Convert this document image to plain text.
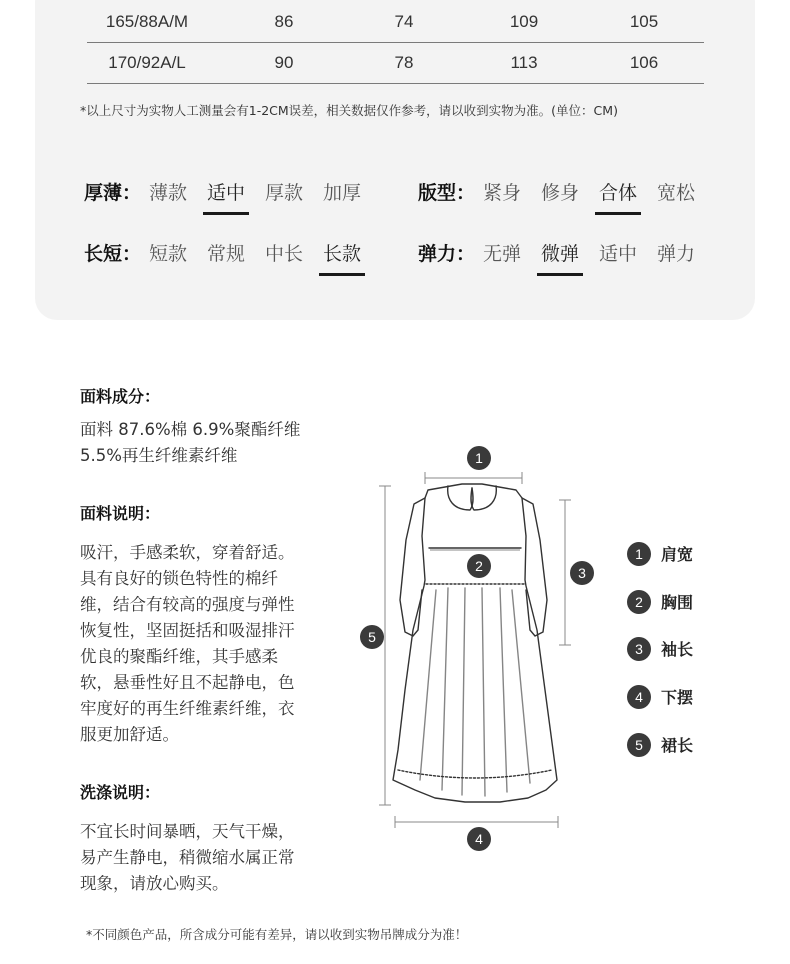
165/88A/M	86	74	109	105
170/92A/L	90	78	113	106
*以上尺寸为实物人工测量会有1-2CM误差，相关数据仅作参考，请以收到实物为准。(单位：CM)
厚薄： 薄款 适中 厚款 加厚	版型： 紧身 修身 合体 宽松
长短： 短款 常规 中长 长款	弹力： 无弹 微弹 适中 弹力
面料成分：
面料 87.6%棉 6.9%聚酯纤维
5.5%再生纤维素纤维
面料说明：
吸汗，手感柔软，穿着舒适。
具有良好的锁色特性的棉纤
维，结合有较高的强度与弹性
恢复性，坚固挺括和吸湿排汗
优良的聚酯纤维，其手感柔
软，悬垂性好且不起静电，色
牢度好的再生纤维素纤维，衣
服更加舒适。
洗涤说明：
不宜长时间暴晒，天气干燥，
易产生静电，稍微缩水属正常
现象，请放心购买。
1
2	3
5
4
1	肩宽
2	胸围
3	袖长
4	下摆
5	裙长
*不同颜色产品，所含成分可能有差异，请以收到实物吊牌成分为准！
